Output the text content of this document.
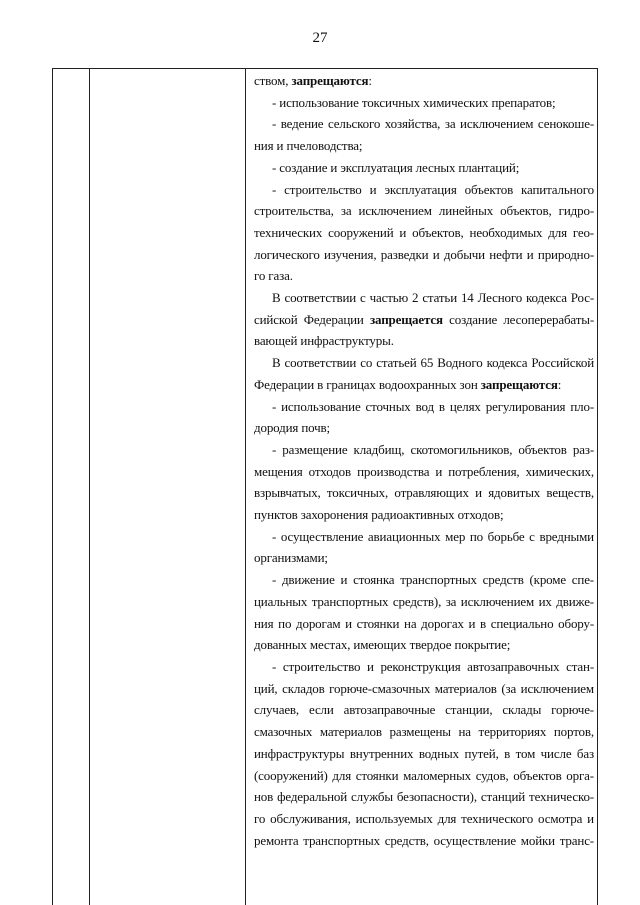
27
ством, запрещаются:
- использование токсичных химических препаратов;
- ведение сельского хозяйства, за исключением сенокоше-
ния и пчеловодства;
- создание и эксплуатация лесных плантаций;
- строительство и эксплуатация объектов капитального
строительства, за исключением линейных объектов, гидро-
технических сооружений и объектов, необходимых для гео-
логического изучения, разведки и добычи нефти и природно-
го газа.
В соответствии с частью 2 статьи 14 Лесного кодекса Рос-
сийской Федерации запрещается создание лесоперерабаты-
вающей инфраструктуры.
В соответствии со статьей 65 Водного кодекса Российской
Федерации в границах водоохранных зон запрещаются:
- использование сточных вод в целях регулирования пло-
дородия почв;
- размещение кладбищ, скотомогильников, объектов раз-
мещения отходов производства и потребления, химических,
взрывчатых, токсичных, отравляющих и ядовитых веществ,
пунктов захоронения радиоактивных отходов;
- осуществление авиационных мер по борьбе с вредными
организмами;
- движение и стоянка транспортных средств (кроме спе-
циальных транспортных средств), за исключением их движе-
ния по дорогам и стоянки на дорогах и в специально обору-
дованных местах, имеющих твердое покрытие;
- строительство и реконструкция автозаправочных стан-
ций, складов горюче-смазочных материалов (за исключением
случаев, если автозаправочные станции, склады горюче-
смазочных материалов размещены на территориях портов,
инфраструктуры внутренних водных путей, в том числе баз
(сооружений) для стоянки маломерных судов, объектов орга-
нов федеральной службы безопасности), станций техническо-
го обслуживания, используемых для технического осмотра и
ремонта транспортных средств, осуществление мойки транс-
